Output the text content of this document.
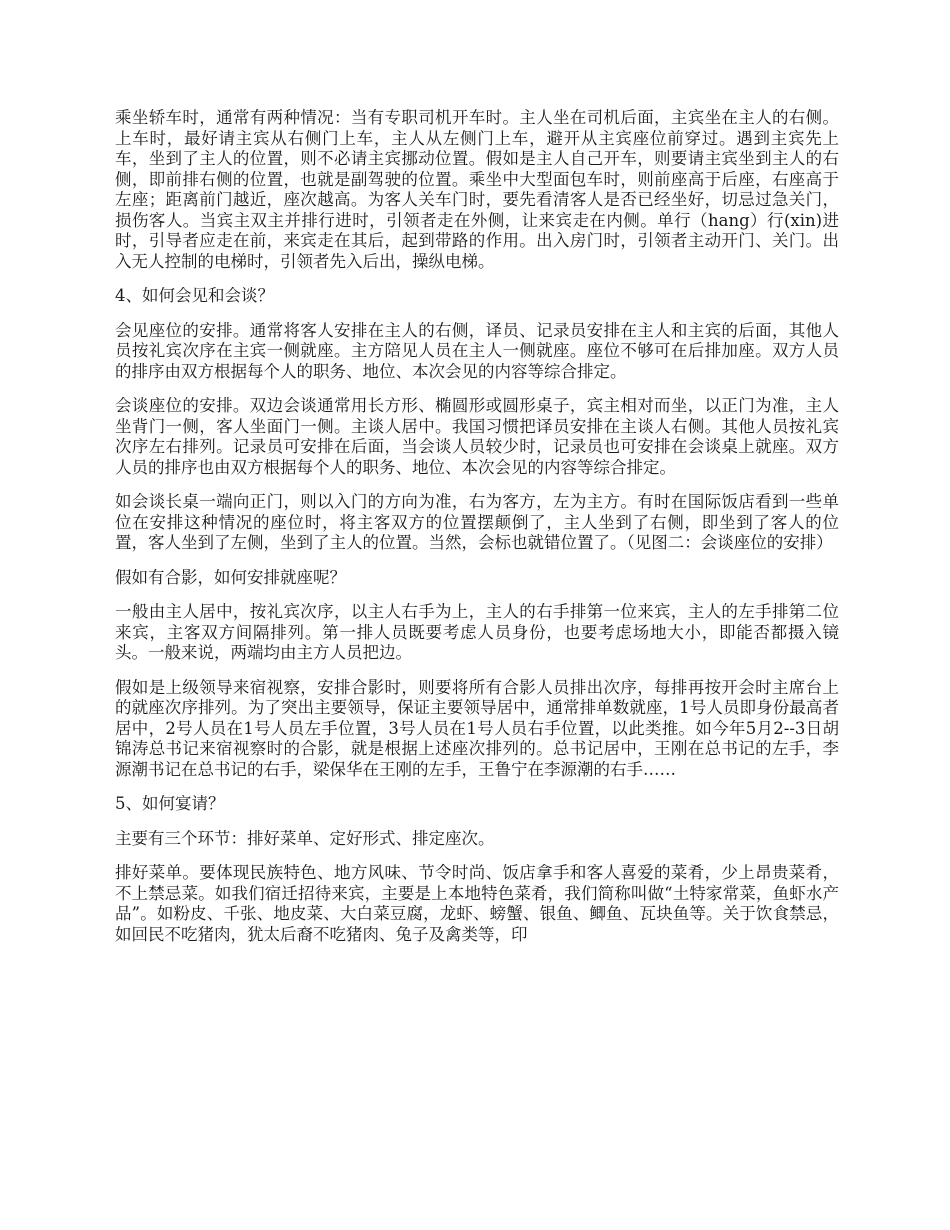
乘坐轿车时，通常有两种情况：当有专职司机开车时。主人坐在司机后面，主宾坐在主人的右侧。上车时，最好请主宾从右侧门上车，主人从左侧门上车，避开从主宾座位前穿过。遇到主宾先上车，坐到了主人的位置，则不必请主宾挪动位置。假如是主人自己开车，则要请主宾坐到主人的右侧，即前排右侧的位置，也就是副驾驶的位置。乘坐中大型面包车时，则前座高于后座，右座高于左座；距离前门越近，座次越高。为客人关车门时，要先看清客人是否已经坐好，切忌过急关门，损伤客人。当宾主双主并排行进时，引领者走在外侧，让来宾走在内侧。单行（hang）行(xin)进时，引导者应走在前，来宾走在其后，起到带路的作用。出入房门时，引领者主动开门、关门。出入无人控制的电梯时，引领者先入后出，操纵电梯。

4、如何会见和会谈？

会见座位的安排。通常将客人安排在主人的右侧，译员、记录员安排在主人和主宾的后面，其他人员按礼宾次序在主宾一侧就座。主方陪见人员在主人一侧就座。座位不够可在后排加座。双方人员的排序由双方根据每个人的职务、地位、本次会见的内容等综合排定。

会谈座位的安排。双边会谈通常用长方形、椭圆形或圆形桌子，宾主相对而坐，以正门为准，主人坐背门一侧，客人坐面门一侧。主谈人居中。我国习惯把译员安排在主谈人右侧。其他人员按礼宾次序左右排列。记录员可安排在后面，当会谈人员较少时，记录员也可安排在会谈桌上就座。双方人员的排序也由双方根据每个人的职务、地位、本次会见的内容等综合排定。

如会谈长桌一端向正门，则以入门的方向为准，右为客方，左为主方。有时在国际饭店看到一些单位在安排这种情况的座位时，将主客双方的位置摆颠倒了，主人坐到了右侧，即坐到了客人的位置，客人坐到了左侧，坐到了主人的位置。当然，会标也就错位置了。（见图二：会谈座位的安排）

假如有合影，如何安排就座呢？

一般由主人居中，按礼宾次序，以主人右手为上，主人的右手排第一位来宾，主人的左手排第二位来宾，主客双方间隔排列。第一排人员既要考虑人员身份，也要考虑场地大小，即能否都摄入镜头。一般来说，两端均由主方人员把边。

假如是上级领导来宿视察，安排合影时，则要将所有合影人员排出次序，每排再按开会时主席台上的就座次序排列。为了突出主要领导，保证主要领导居中，通常排单数就座，1号人员即身份最高者居中，2号人员在1号人员左手位置，3号人员在1号人员右手位置，以此类推。如今年5月2--3日胡锦涛总书记来宿视察时的合影，就是根据上述座次排列的。总书记居中，王刚在总书记的左手，李源潮书记在总书记的右手，梁保华在王刚的左手，王鲁宁在李源潮的右手……

5、如何宴请？

主要有三个环节：排好菜单、定好形式、排定座次。

排好菜单。要体现民族特色、地方风味、节令时尚、饭店拿手和客人喜爱的菜肴，少上昂贵菜肴，不上禁忌菜。如我们宿迁招待来宾，主要是上本地特色菜肴，我们简称叫做“土特家常菜，鱼虾水产品”。如粉皮、千张、地皮菜、大白菜豆腐，龙虾、螃蟹、银鱼、鲫鱼、瓦块鱼等。关于饮食禁忌，如回民不吃猪肉，犹太后裔不吃猪肉、兔子及禽类等，印
